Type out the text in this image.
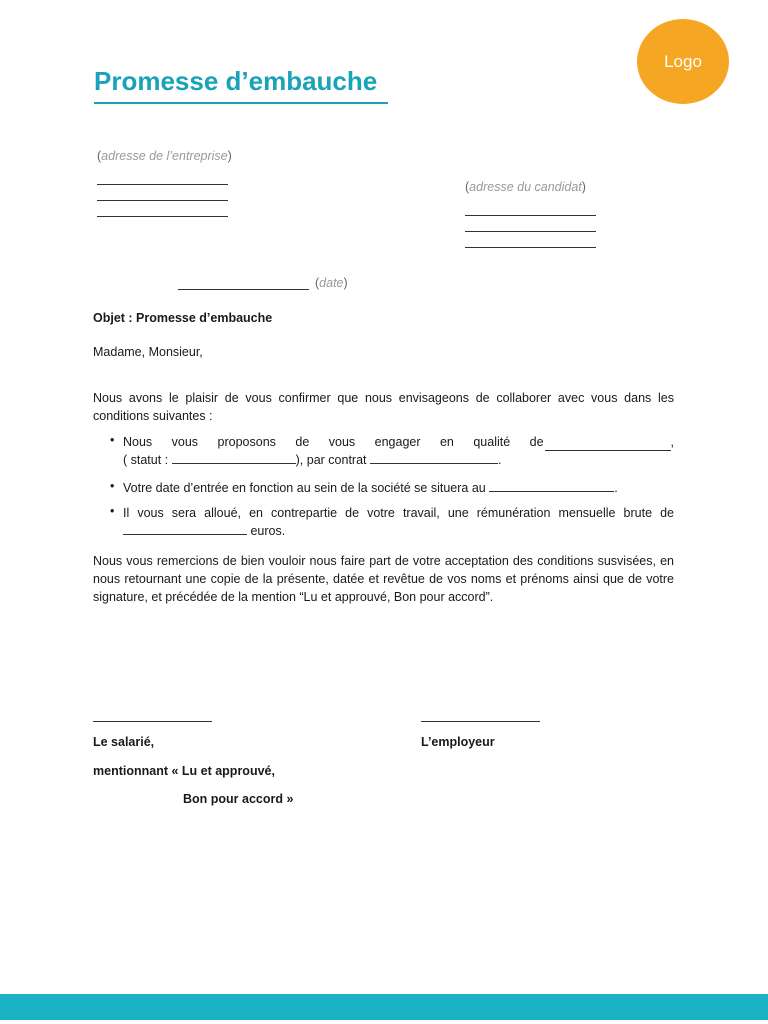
Logo
Promesse d’embauche
(adresse de l’entreprise)
(adresse du candidat)
(date)
Objet : Promesse d’embauche
Madame, Monsieur,
Nous avons le plaisir de vous confirmer que nous envisageons de collaborer avec vous dans les conditions suivantes :
• Nous vous proposons de vous engager en qualité de	,
( statut :	), par contrat	.
• Votre date d’entrée en fonction au sein de la société se situera au	.
• Il vous sera alloué, en contrepartie de votre travail, une rémunération mensuelle brute de
euros.
Nous vous remercions de bien vouloir nous faire part de votre acceptation des conditions susvisées, en nous retournant une copie de la présente, datée et revêtue de vos noms et prénoms ainsi que de votre signature, et précédée de la mention “Lu et approuvé, Bon pour accord”.
Le salarié,	L’employeur
mentionnant « Lu et approuvé,
Bon pour accord »
